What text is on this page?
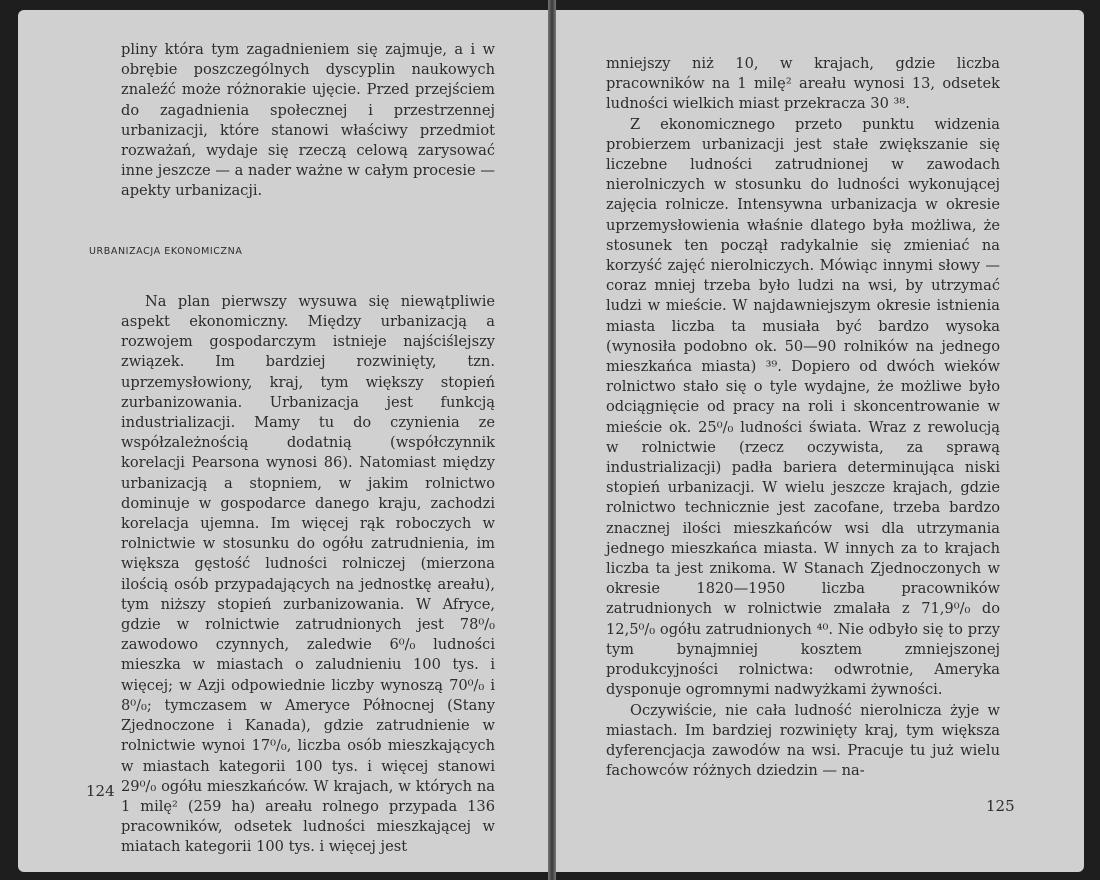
pliny która tym zagadnieniem się zajmuje, a i w obrębie poszczególnych dyscyplin naukowych znaleźć może różnorakie ujęcie. Przed przejściem do zagadnienia społecznej i przestrzennej urbanizacji, które stanowi właściwy przedmiot rozważań, wydaje się rzeczą celową zarysować inne jeszcze — a nader ważne w całym procesie — apekty urbanizacji.

URBANIZACJA EKONOMICZNA

Na plan pierwszy wysuwa się niewątpliwie aspekt ekonomiczny. Między urbanizacją a rozwojem gospodarczym istnieje najściślejszy związek. Im bardziej rozwinięty, tzn. uprzemysłowiony, kraj, tym większy stopień zurbanizowania. Urbanizacja jest funkcją industrializacji. Mamy tu do czynienia ze współzależnością dodatnią (współczynnik korelacji Pearsona wynosi 86). Natomiast między urbanizacją a stopniem, w jakim rolnictwo dominuje w gospodarce danego kraju, zachodzi korelacja ujemna. Im więcej rąk roboczych w rolnictwie w stosunku do ogółu zatrudnienia, im większa gęstość ludności rolniczej (mierzona ilością osób przypadających na jednostkę areału), tym niższy stopień zurbanizowania. W Afryce, gdzie w rolnictwie zatrudnionych jest 78⁰/₀ zawodowo czynnych, zaledwie 6⁰/₀ ludności mieszka w miastach o zaludnieniu 100 tys. i więcej; w Azji odpowiednie liczby wynoszą 70⁰/₀ i 8⁰/₀; tymczasem w Ameryce Północnej (Stany Zjednoczone i Kanada), gdzie zatrudnienie w rolnictwie wynoi 17⁰/₀, liczba osób mieszkających w miastach kategorii 100 tys. i więcej stanowi 29⁰/₀ ogółu mieszkańców. W krajach, w których na 1 milę² (259 ha) areału rolnego przypada 136 pracowników, odsetek ludności mieszkającej w miatach kategorii 100 tys. i więcej jest

124

mniejszy niż 10, w krajach, gdzie liczba pracowników na 1 milę² areału wynosi 13, odsetek ludności wielkich miast przekracza 30 ³⁸.

Z ekonomicznego przeto punktu widzenia probierzem urbanizacji jest stałe zwiększanie się liczebne ludności zatrudnionej w zawodach nierolniczych w stosunku do ludności wykonującej zajęcia rolnicze. Intensywna urbanizacja w okresie uprzemysłowienia właśnie dlatego była możliwa, że stosunek ten począł radykalnie się zmieniać na korzyść zajęć nierolniczych. Mówiąc innymi słowy — coraz mniej trzeba było ludzi na wsi, by utrzymać ludzi w mieście. W najdawniejszym okresie istnienia miasta liczba ta musiała być bardzo wysoka (wynosiła podobno ok. 50—90 rolników na jednego mieszkańca miasta) ³⁹. Dopiero od dwóch wieków rolnictwo stało się o tyle wydajne, że możliwe było odciągnięcie od pracy na roli i skoncentrowanie w mieście ok. 25⁰/₀ ludności świata. Wraz z rewolucją w rolnictwie (rzecz oczywista, za sprawą industrializacji) padła bariera determinująca niski stopień urbanizacji. W wielu jeszcze krajach, gdzie rolnictwo technicznie jest zacofane, trzeba bardzo znacznej ilości mieszkańców wsi dla utrzymania jednego mieszkańca miasta. W innych za to krajach liczba ta jest znikoma. W Stanach Zjednoczonych w okresie 1820—1950 liczba pracowników zatrudnionych w rolnictwie zmalała z 71,9⁰/₀ do 12,5⁰/₀ ogółu zatrudnionych ⁴⁰. Nie odbyło się to przy tym bynajmniej kosztem zmniejszonej produkcyjności rolnictwa: odwrotnie, Ameryka dysponuje ogromnymi nadwyżkami żywności.

Oczywiście, nie cała ludność nierolnicza żyje w miastach. Im bardziej rozwinięty kraj, tym większa dyferencjacja zawodów na wsi. Pracuje tu już wielu fachowców różnych dziedzin — na-

125
